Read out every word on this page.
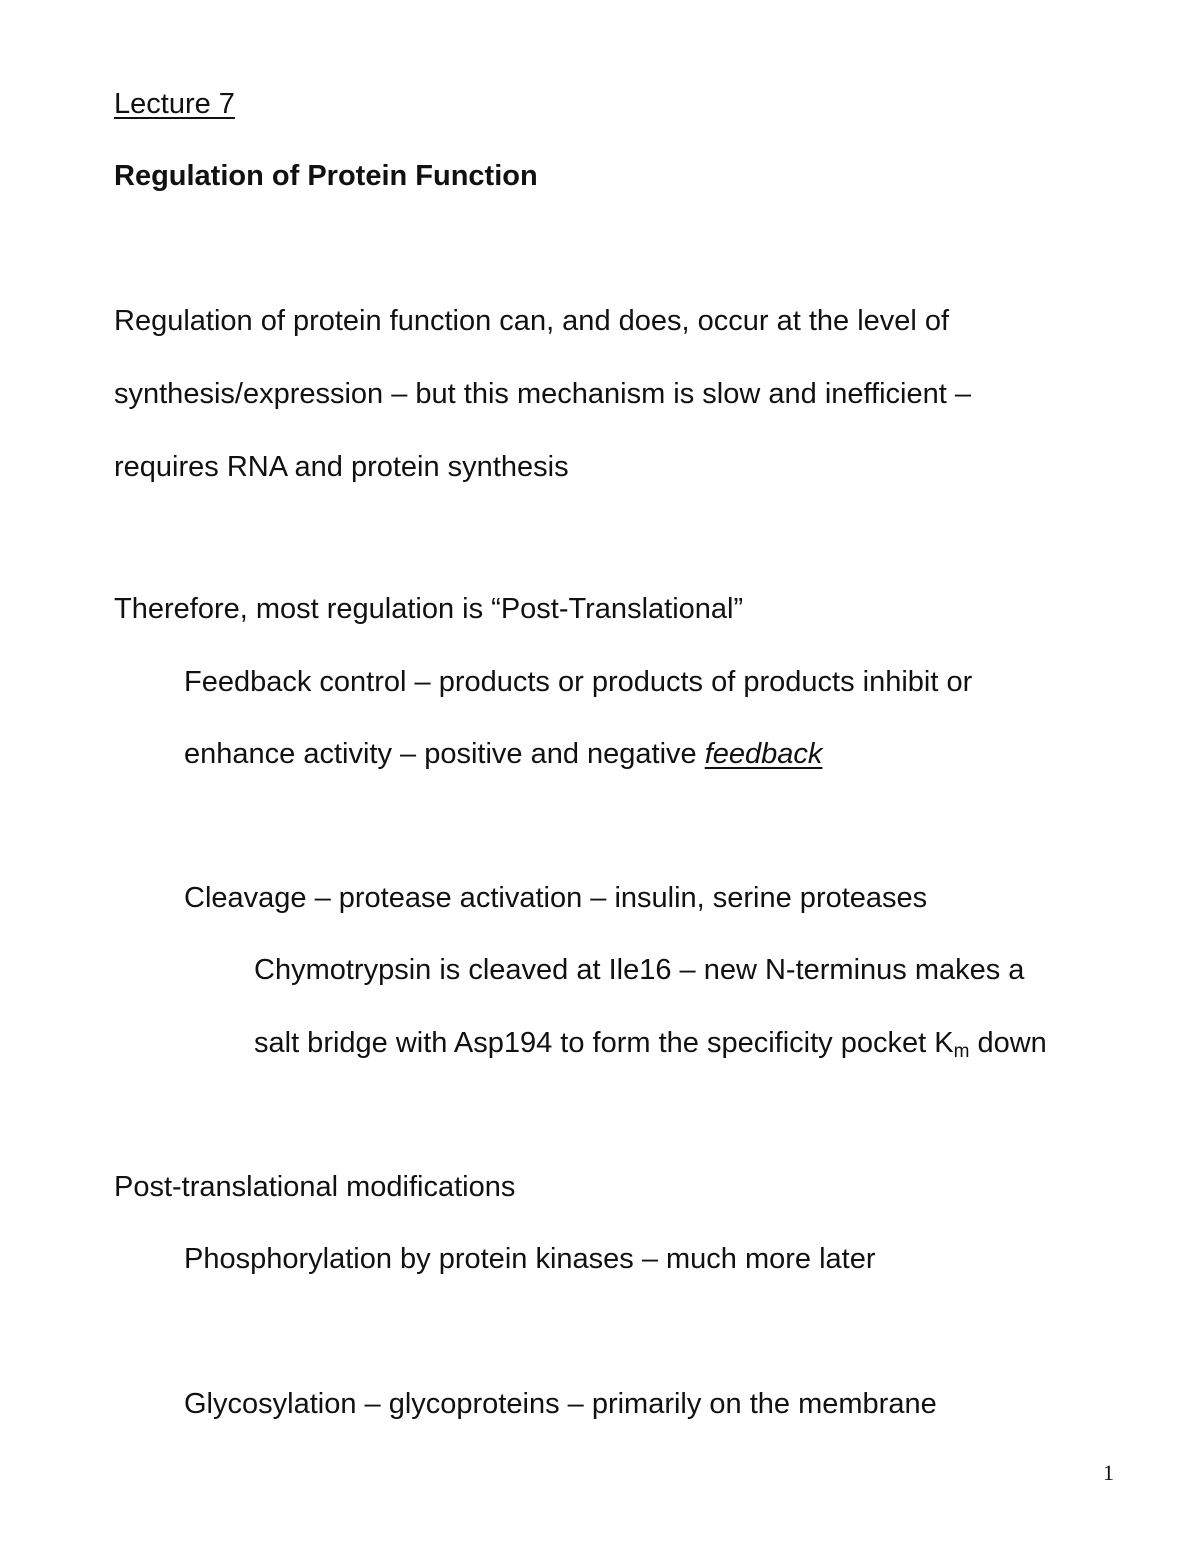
Lecture 7
Regulation of Protein Function
Regulation of protein function can, and does, occur at the level of
synthesis/expression – but this mechanism is slow and inefficient –
requires RNA and protein synthesis
Therefore, most regulation is “Post-Translational”
Feedback control – products or products of products inhibit or
enhance activity – positive and negative feedback
Cleavage – protease activation – insulin, serine proteases
Chymotrypsin is cleaved at Ile16 – new N-terminus makes a
salt bridge with Asp194 to form the specificity pocket $K_m$ down
Post-translational modifications
Phosphorylation by protein kinases – much more later
Glycosylation – glycoproteins – primarily on the membrane
1
